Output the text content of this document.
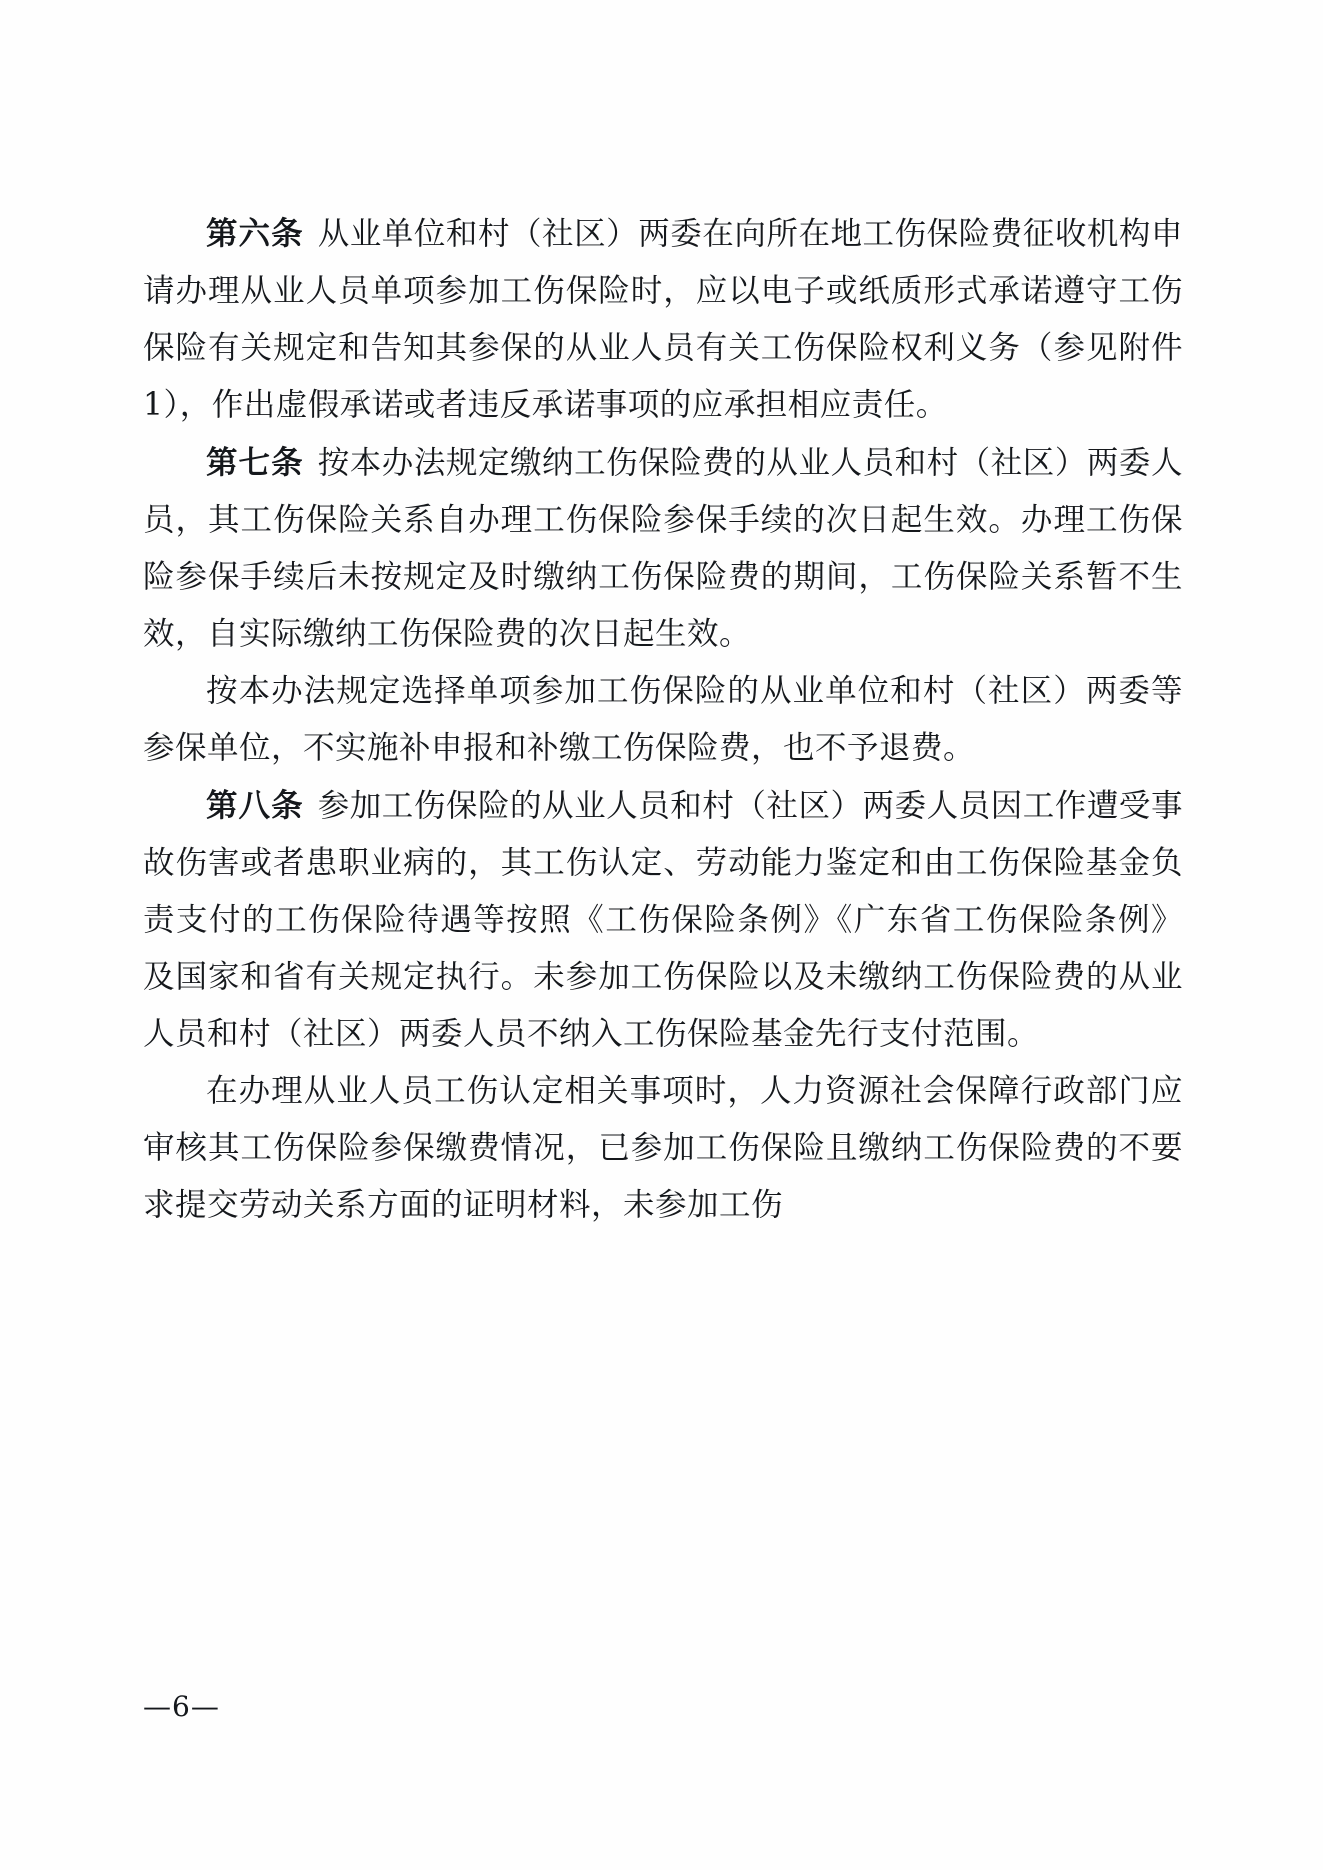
第六条 从业单位和村（社区）两委在向所在地工伤保险费征收机构申请办理从业人员单项参加工伤保险时，应以电子或纸质形式承诺遵守工伤保险有关规定和告知其参保的从业人员有关工伤保险权利义务（参见附件 1），作出虚假承诺或者违反承诺事项的应承担相应责任。

第七条 按本办法规定缴纳工伤保险费的从业人员和村（社区）两委人员，其工伤保险关系自办理工伤保险参保手续的次日起生效。办理工伤保险参保手续后未按规定及时缴纳工伤保险费的期间，工伤保险关系暂不生效，自实际缴纳工伤保险费的次日起生效。

按本办法规定选择单项参加工伤保险的从业单位和村（社区）两委等参保单位，不实施补申报和补缴工伤保险费，也不予退费。

第八条 参加工伤保险的从业人员和村（社区）两委人员因工作遭受事故伤害或者患职业病的，其工伤认定、劳动能力鉴定和由工伤保险基金负责支付的工伤保险待遇等按照《工伤保险条例》《广东省工伤保险条例》及国家和省有关规定执行。未参加工伤保险以及未缴纳工伤保险费的从业人员和村（社区）两委人员不纳入工伤保险基金先行支付范围。

在办理从业人员工伤认定相关事项时，人力资源社会保障行政部门应审核其工伤保险参保缴费情况，已参加工伤保险且缴纳工伤保险费的不要求提交劳动关系方面的证明材料，未参加工伤

—6—
